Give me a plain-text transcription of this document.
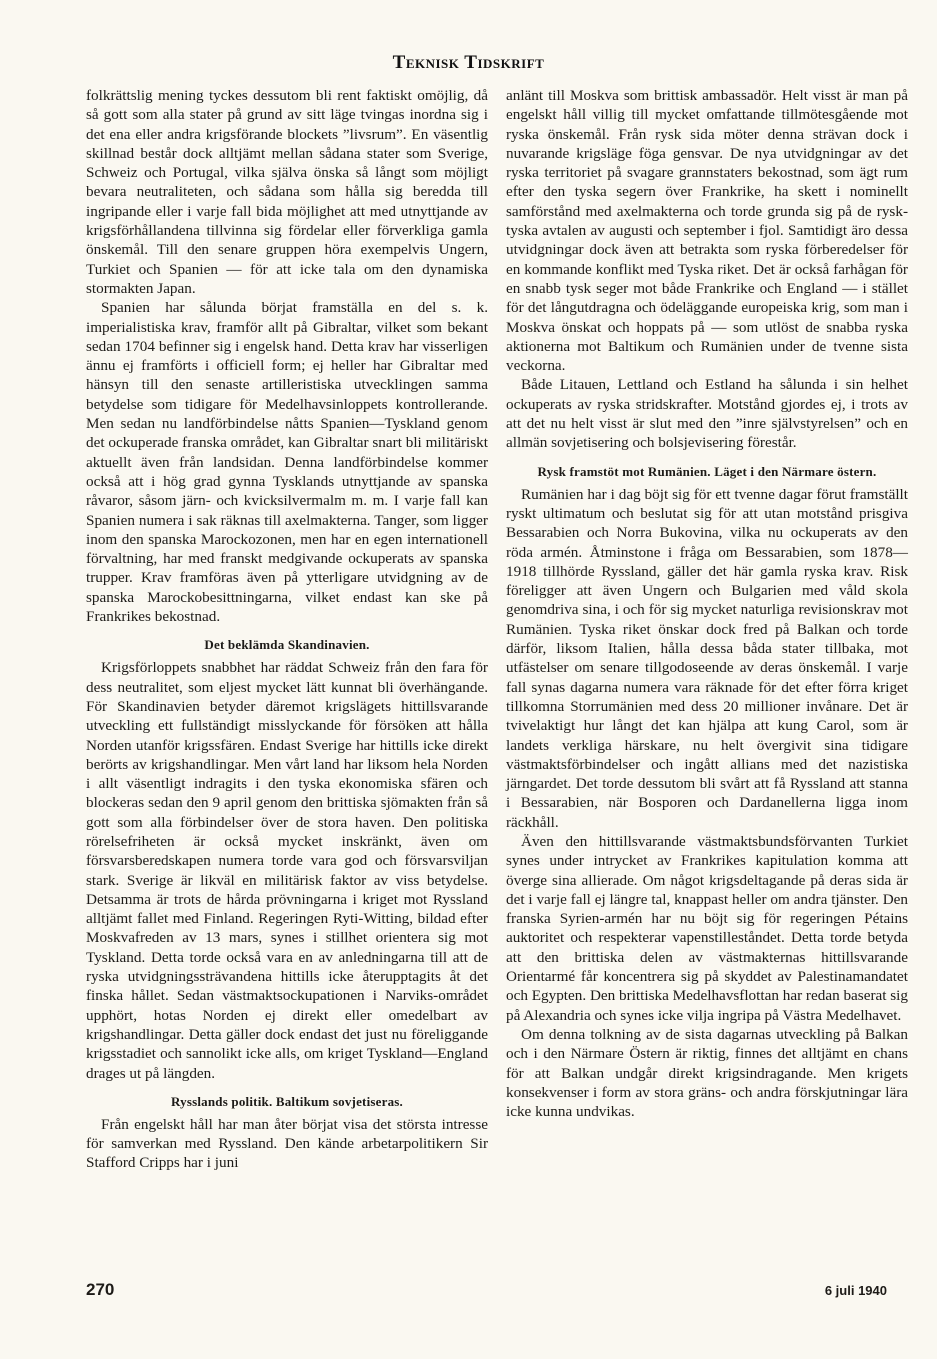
Teknisk Tidskrift

folkrättslig mening tyckes dessutom bli rent faktiskt omöjlig, då så gott som alla stater på grund av sitt läge tvingas inordna sig i det ena eller andra krigsförande blockets ”livsrum”. En väsentlig skillnad består dock alltjämt mellan sådana stater som Sverige, Schweiz och Portugal, vilka själva önska så långt som möjligt bevara neutraliteten, och sådana som hålla sig beredda till ingripande eller i varje fall bida möjlighet att med utnyttjande av krigsförhållandena tillvinna sig fördelar eller förverkliga gamla önskemål. Till den senare gruppen höra exempelvis Ungern, Turkiet och Spanien — för att icke tala om den dynamiska stormakten Japan.

Spanien har sålunda börjat framställa en del s. k. imperialistiska krav, framför allt på Gibraltar, vilket som bekant sedan 1704 befinner sig i engelsk hand. Detta krav har visserligen ännu ej framförts i officiell form; ej heller har Gibraltar med hänsyn till den senaste artilleristiska utvecklingen samma betydelse som tidigare för Medelhavsinloppets kontrollerande. Men sedan nu landförbindelse nåtts Spanien—Tyskland genom det ockuperade franska området, kan Gibraltar snart bli militäriskt aktuellt även från landsidan. Denna landförbindelse kommer också att i hög grad gynna Tysklands utnyttjande av spanska råvaror, såsom järn- och kvicksilvermalm m. m. I varje fall kan Spanien numera i sak räknas till axelmakterna. Tanger, som ligger inom den spanska Marockozonen, men har en egen internationell förvaltning, har med franskt medgivande ockuperats av spanska trupper. Krav framföras även på ytterligare utvidgning av de spanska Marockobesittningarna, vilket endast kan ske på Frankrikes bekostnad.

Det beklämda Skandinavien.

Krigsförloppets snabbhet har räddat Schweiz från den fara för dess neutralitet, som eljest mycket lätt kunnat bli överhängande. För Skandinavien betyder däremot krigslägets hittillsvarande utveckling ett fullständigt misslyckande för försöken att hålla Norden utanför krigssfären. Endast Sverige har hittills icke direkt berörts av krigshandlingar. Men vårt land har liksom hela Norden i allt väsentligt indragits i den tyska ekonomiska sfären och blockeras sedan den 9 april genom den brittiska sjömakten från så gott som alla förbindelser över de stora haven. Den politiska rörelsefriheten är också mycket inskränkt, även om försvarsberedskapen numera torde vara god och försvarsviljan stark. Sverige är likväl en militärisk faktor av viss betydelse. Detsamma är trots de hårda prövningarna i kriget mot Ryssland alltjämt fallet med Finland. Regeringen Ryti-Witting, bildad efter Moskvafreden av 13 mars, synes i stillhet orientera sig mot Tyskland. Detta torde också vara en av anledningarna till att de ryska utvidgningssträvandena hittills icke återupptagits åt det finska hållet. Sedan västmaktsockupationen i Narviks-området upphört, hotas Norden ej direkt eller omedelbart av krigshandlingar. Detta gäller dock endast det just nu föreliggande krigsstadiet och sannolikt icke alls, om kriget Tyskland—England drages ut på längden.

Rysslands politik. Baltikum sovjetiseras.

Från engelskt håll har man åter börjat visa det största intresse för samverkan med Ryssland. Den kände arbetarpolitikern Sir Stafford Cripps har i juni

anlänt till Moskva som brittisk ambassadör. Helt visst är man på engelskt håll villig till mycket omfattande tillmötesgående mot ryska önskemål. Från rysk sida möter denna strävan dock i nuvarande krigsläge föga gensvar. De nya utvidgningar av det ryska territoriet på svagare grannstaters bekostnad, som ägt rum efter den tyska segern över Frankrike, ha skett i nominellt samförstånd med axelmakterna och torde grunda sig på de rysk-tyska avtalen av augusti och september i fjol. Samtidigt äro dessa utvidgningar dock även att betrakta som ryska förberedelser för en kommande konflikt med Tyska riket. Det är också farhågan för en snabb tysk seger mot både Frankrike och England — i stället för det långutdragna och ödeläggande europeiska krig, som man i Moskva önskat och hoppats på — som utlöst de snabba ryska aktionerna mot Baltikum och Rumänien under de tvenne sista veckorna.

Både Litauen, Lettland och Estland ha sålunda i sin helhet ockuperats av ryska stridskrafter. Motstånd gjordes ej, i trots av att det nu helt visst är slut med den ”inre självstyrelsen” och en allmän sovjetisering och bolsjevisering förestår.

Rysk framstöt mot Rumänien. Läget i den Närmare östern.

Rumänien har i dag böjt sig för ett tvenne dagar förut framställt ryskt ultimatum och beslutat sig för att utan motstånd prisgiva Bessarabien och Norra Bukovina, vilka nu ockuperats av den röda armén. Åtminstone i fråga om Bessarabien, som 1878—1918 tillhörde Ryssland, gäller det här gamla ryska krav. Risk föreligger att även Ungern och Bulgarien med våld skola genomdriva sina, i och för sig mycket naturliga revisionskrav mot Rumänien. Tyska riket önskar dock fred på Balkan och torde därför, liksom Italien, hålla dessa båda stater tillbaka, mot utfästelser om senare tillgodoseende av deras önskemål. I varje fall synas dagarna numera vara räknade för det efter förra kriget tillkomna Storrumänien med dess 20 millioner invånare. Det är tvivelaktigt hur långt det kan hjälpa att kung Carol, som är landets verkliga härskare, nu helt övergivit sina tidigare västmaktsförbindelser och ingått allians med det nazistiska järngardet. Det torde dessutom bli svårt att få Ryssland att stanna i Bessarabien, när Bosporen och Dardanellerna ligga inom räckhåll.

Även den hittillsvarande västmaktsbundsförvanten Turkiet synes under intrycket av Frankrikes kapitulation komma att överge sina allierade. Om något krigsdeltagande på deras sida är det i varje fall ej längre tal, knappast heller om andra tjänster. Den franska Syrien-armén har nu böjt sig för regeringen Pétains auktoritet och respekterar vapenstilleståndet. Detta torde betyda att den brittiska delen av västmakternas hittillsvarande Orientarmé får koncentrera sig på skyddet av Palestinamandatet och Egypten. Den brittiska Medelhavsflottan har redan baserat sig på Alexandria och synes icke vilja ingripa på Västra Medelhavet.

Om denna tolkning av de sista dagarnas utveckling på Balkan och i den Närmare Östern är riktig, finnes det alltjämt en chans för att Balkan undgår direkt krigsindragande. Men krigets konsekvenser i form av stora gräns- och andra förskjutningar lära icke kunna undvikas.

270	6 juli 1940
